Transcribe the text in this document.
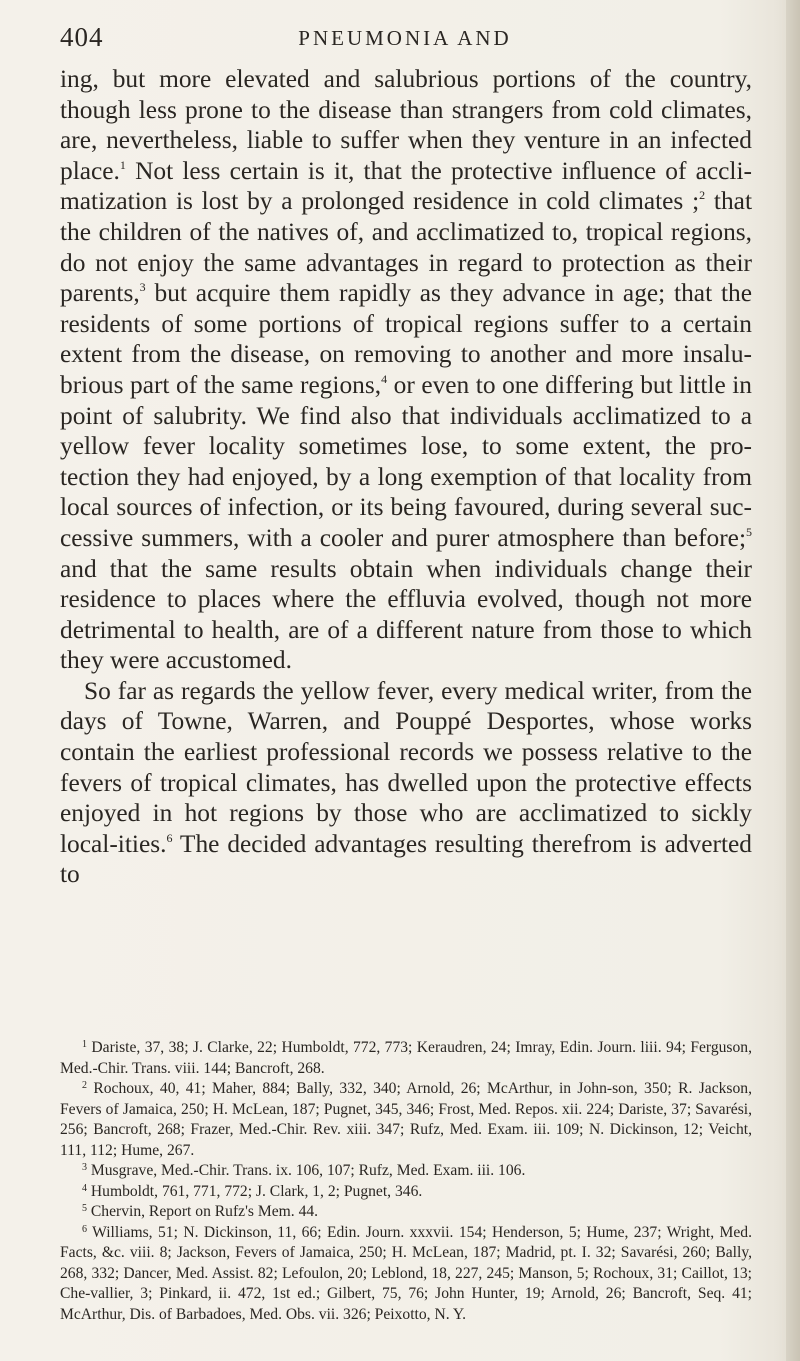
404	PNEUMONIA AND

ing, but more elevated and salubrious portions of the country, though less prone to the disease than strangers from cold climates, are, nevertheless, liable to suffer when they venture in an infected place.$^1$ Not less certain is it, that the protective influence of accli-matization is lost by a prolonged residence in cold climates ;$^2$ that the children of the natives of, and acclimatized to, tropical regions, do not enjoy the same advantages in regard to protection as their parents,$^3$ but acquire them rapidly as they advance in age; that the residents of some portions of tropical regions suffer to a certain extent from the disease, on removing to another and more insalu-brious part of the same regions,$^4$ or even to one differing but little in point of salubrity. We find also that individuals acclimatized to a yellow fever locality sometimes lose, to some extent, the pro-tection they had enjoyed, by a long exemption of that locality from local sources of infection, or its being favoured, during several suc-cessive summers, with a cooler and purer atmosphere than before;$^5$ and that the same results obtain when individuals change their residence to places where the effluvia evolved, though not more detrimental to health, are of a different nature from those to which they were accustomed.

So far as regards the yellow fever, every medical writer, from the days of Towne, Warren, and Pouppé Desportes, whose works contain the earliest professional records we possess relative to the fevers of tropical climates, has dwelled upon the protective effects enjoyed in hot regions by those who are acclimatized to sickly local-ities.$^6$ The decided advantages resulting therefrom is adverted to

$^1$ Dariste, 37, 38; J. Clarke, 22; Humboldt, 772, 773; Keraudren, 24; Imray, Edin. Journ. liii. 94; Ferguson, Med.-Chir. Trans. viii. 144; Bancroft, 268.

$^2$ Rochoux, 40, 41; Maher, 884; Bally, 332, 340; Arnold, 26; McArthur, in John-son, 350; R. Jackson, Fevers of Jamaica, 250; H. McLean, 187; Pugnet, 345, 346; Frost, Med. Repos. xii. 224; Dariste, 37; Savarési, 256; Bancroft, 268; Frazer, Med.-Chir. Rev. xiii. 347; Rufz, Med. Exam. iii. 109; N. Dickinson, 12; Veicht, 111, 112; Hume, 267.

$^3$ Musgrave, Med.-Chir. Trans. ix. 106, 107; Rufz, Med. Exam. iii. 106.

$^4$ Humboldt, 761, 771, 772; J. Clark, 1, 2; Pugnet, 346.

$^5$ Chervin, Report on Rufz's Mem. 44.

$^6$ Williams, 51; N. Dickinson, 11, 66; Edin. Journ. xxxvii. 154; Henderson, 5; Hume, 237; Wright, Med. Facts, &c. viii. 8; Jackson, Fevers of Jamaica, 250; H. McLean, 187; Madrid, pt. I. 32; Savarési, 260; Bally, 268, 332; Dancer, Med. Assist. 82; Lefoulon, 20; Leblond, 18, 227, 245; Manson, 5; Rochoux, 31; Caillot, 13; Che-vallier, 3; Pinkard, ii. 472, 1st ed.; Gilbert, 75, 76; John Hunter, 19; Arnold, 26; Bancroft, Seq. 41; McArthur, Dis. of Barbadoes, Med. Obs. vii. 326; Peixotto, N. Y.
